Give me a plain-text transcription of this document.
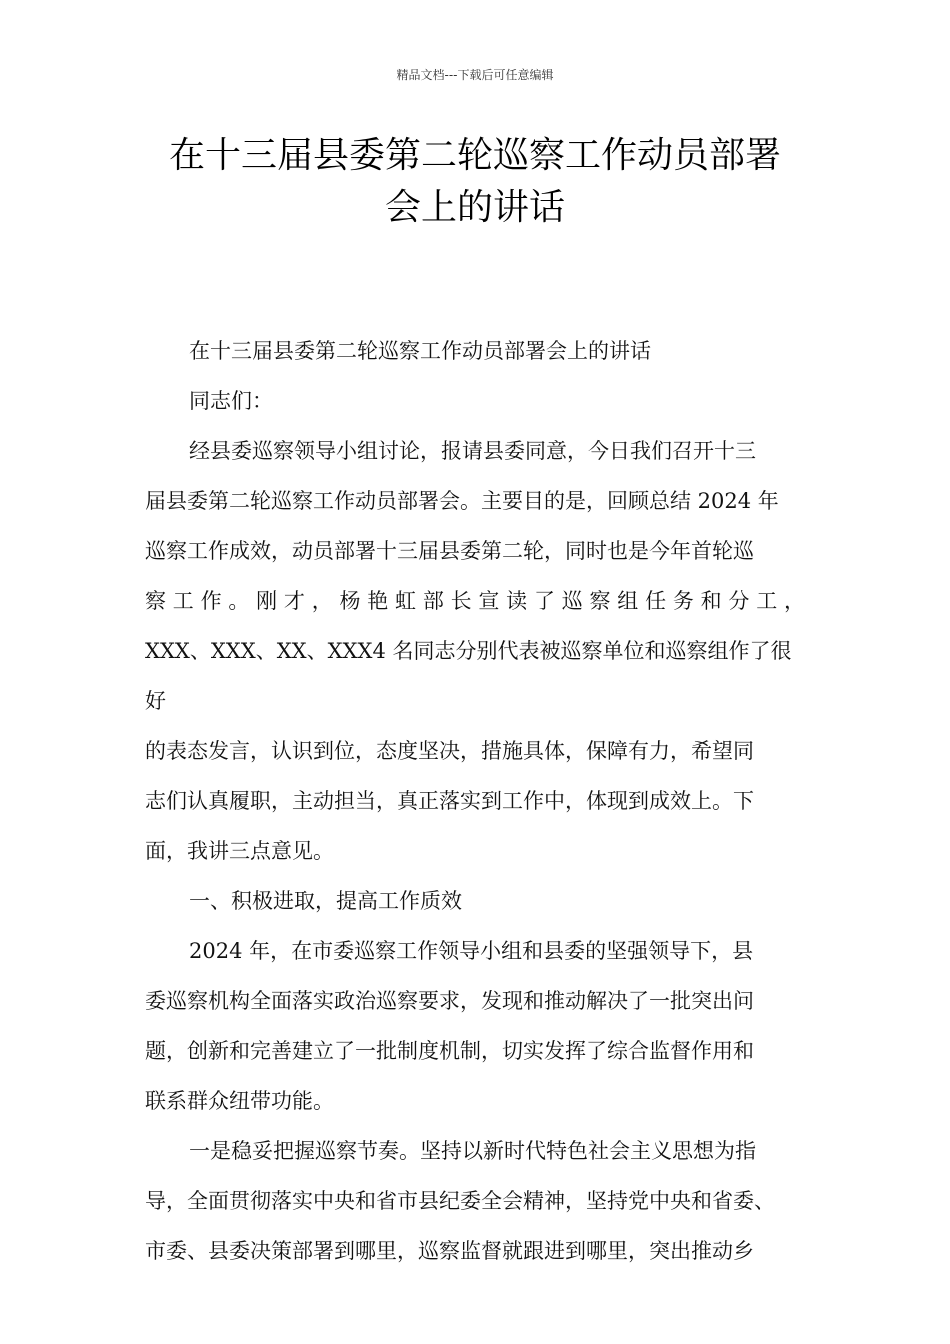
精品文档---下载后可任意编辑
在十三届县委第二轮巡察工作动员部署
会上的讲话

在十三届县委第二轮巡察工作动员部署会上的讲话

同志们：

经县委巡察领导小组讨论，报请县委同意，今日我们召开十三

届县委第二轮巡察工作动员部署会。主要目的是，回顾总结 2024 年

巡察工作成效，动员部署十三届县委第二轮，同时也是今年首轮巡

察工作。刚才，杨艳虹部长宣读了巡察组任务和分工，

XXX、XXX、XX、XXX4 名同志分别代表被巡察单位和巡察组作了很好

的表态发言，认识到位，态度坚决，措施具体，保障有力，希望同

志们认真履职，主动担当，真正落实到工作中，体现到成效上。下

面，我讲三点意见。

一、积极进取，提高工作质效

2024 年，在市委巡察工作领导小组和县委的坚强领导下，县

委巡察机构全面落实政治巡察要求，发现和推动解决了一批突出问

题，创新和完善建立了一批制度机制，切实发挥了综合监督作用和

联系群众纽带功能。

一是稳妥把握巡察节奏。坚持以新时代特色社会主义思想为指

导，全面贯彻落实中央和省市县纪委全会精神，坚持党中央和省委、

市委、县委决策部署到哪里，巡察监督就跟进到哪里，突出推动乡
